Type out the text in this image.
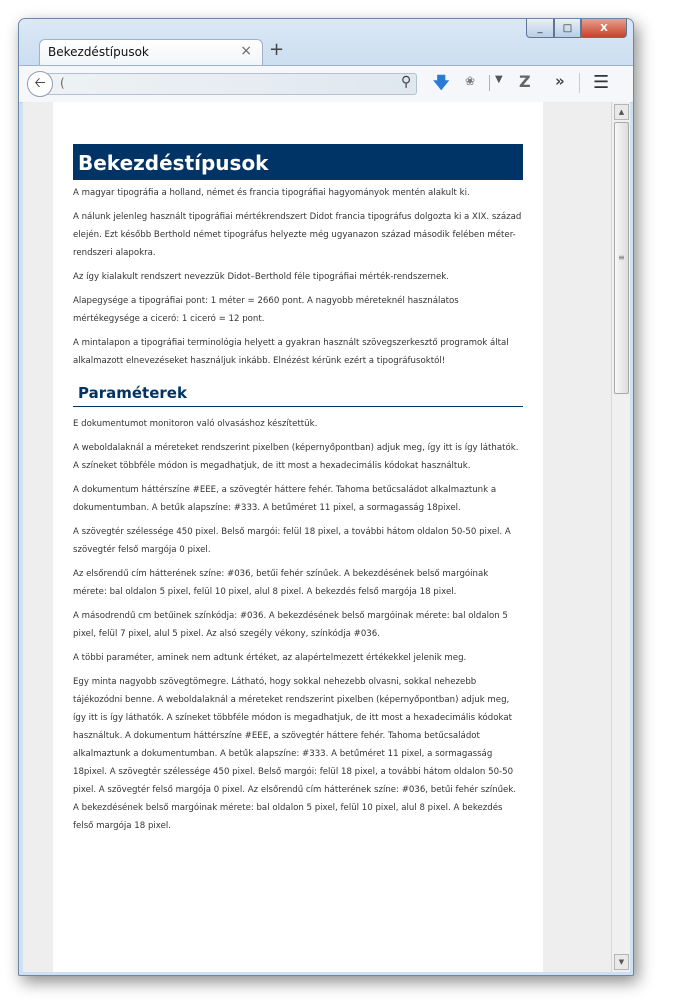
Bekezdéstípusok	× +
_ □	X
(
🡠	⚲ 🡇 ❀ ▼ Z » ☰
Bekezdéstípusok

A magyar tipográfia a holland, német és francia tipográfiai hagyományok mentén alakult ki.

A nálunk jelenleg használt tipográfiai mértékrendszert Didot francia tipográfus dolgozta ki a XIX. század elején. Ezt később Berthold német tipográfus helyezte még ugyanazon század második felében méter-rendszeri alapokra.

Az így kialakult rendszert nevezzük Didot–Berthold féle tipográfiai mérték-rendszernek.

Alapegysége a tipográfiai pont: 1 méter = 2660 pont. A nagyobb méreteknél használatos mértékegysége a ciceró: 1 ciceró = 12 pont.

A mintalapon a tipográfiai terminológia helyett a gyakran használt szövegszerkesztő programok által alkalmazott elnevezéseket használjuk inkább. Elnézést kérünk ezért a tipográfusoktól!

Paraméterek

E dokumentumot monitoron való olvasáshoz készítettük.

A weboldalaknál a méreteket rendszerint pixelben (képernyőpontban) adjuk meg, így itt is így láthatók. A színeket többféle módon is megadhatjuk, de itt most a hexadecimális kódokat használtuk.

A dokumentum háttérszíne #EEE, a szövegtér háttere fehér. Tahoma betűcsaládot alkalmaztunk a dokumentumban. A betűk alapszíne: #333. A betűméret 11 pixel, a sormagasság 18pixel.

A szövegtér szélessége 450 pixel. Belső margói: felül 18 pixel, a további hátom oldalon 50-50 pixel. A szövegtér felső margója 0 pixel.

Az elsőrendű cím hátterének színe: #036, betűi fehér színűek. A bekezdésének belső margóinak mérete: bal oldalon 5 pixel, felül 10 pixel, alul 8 pixel. A bekezdés felső margója 18 pixel.

A másodrendű cm betűinek színkódja: #036. A bekezdésének belső margóinak mérete: bal oldalon 5 pixel, felül 7 pixel, alul 5 pixel. Az alsó szegély vékony, színkódja #036.

A többi paraméter, aminek nem adtunk értéket, az alapértelmezett értékekkel jelenik meg.

Egy minta nagyobb szövegtömegre. Látható, hogy sokkal nehezebb olvasni, sokkal nehezebb tájékozódni benne. A weboldalaknál a méreteket rendszerint pixelben (képernyőpontban) adjuk meg, így itt is így láthatók. A színeket többféle módon is megadhatjuk, de itt most a hexadecimális kódokat használtuk. A dokumentum háttérszíne #EEE, a szövegtér háttere fehér. Tahoma betűcsaládot alkalmaztunk a dokumentumban. A betűk alapszíne: #333. A betűméret 11 pixel, a sormagasság 18pixel. A szövegtér szélessége 450 pixel. Belső margói: felül 18 pixel, a további hátom oldalon 50-50 pixel. A szövegtér felső margója 0 pixel. Az elsőrendű cím hátterének színe: #036, betűi fehér színűek. A bekezdésének belső margóinak mérete: bal oldalon 5 pixel, felül 10 pixel, alul 8 pixel. A bekezdés felső margója 18 pixel.

▲
≡
▼
